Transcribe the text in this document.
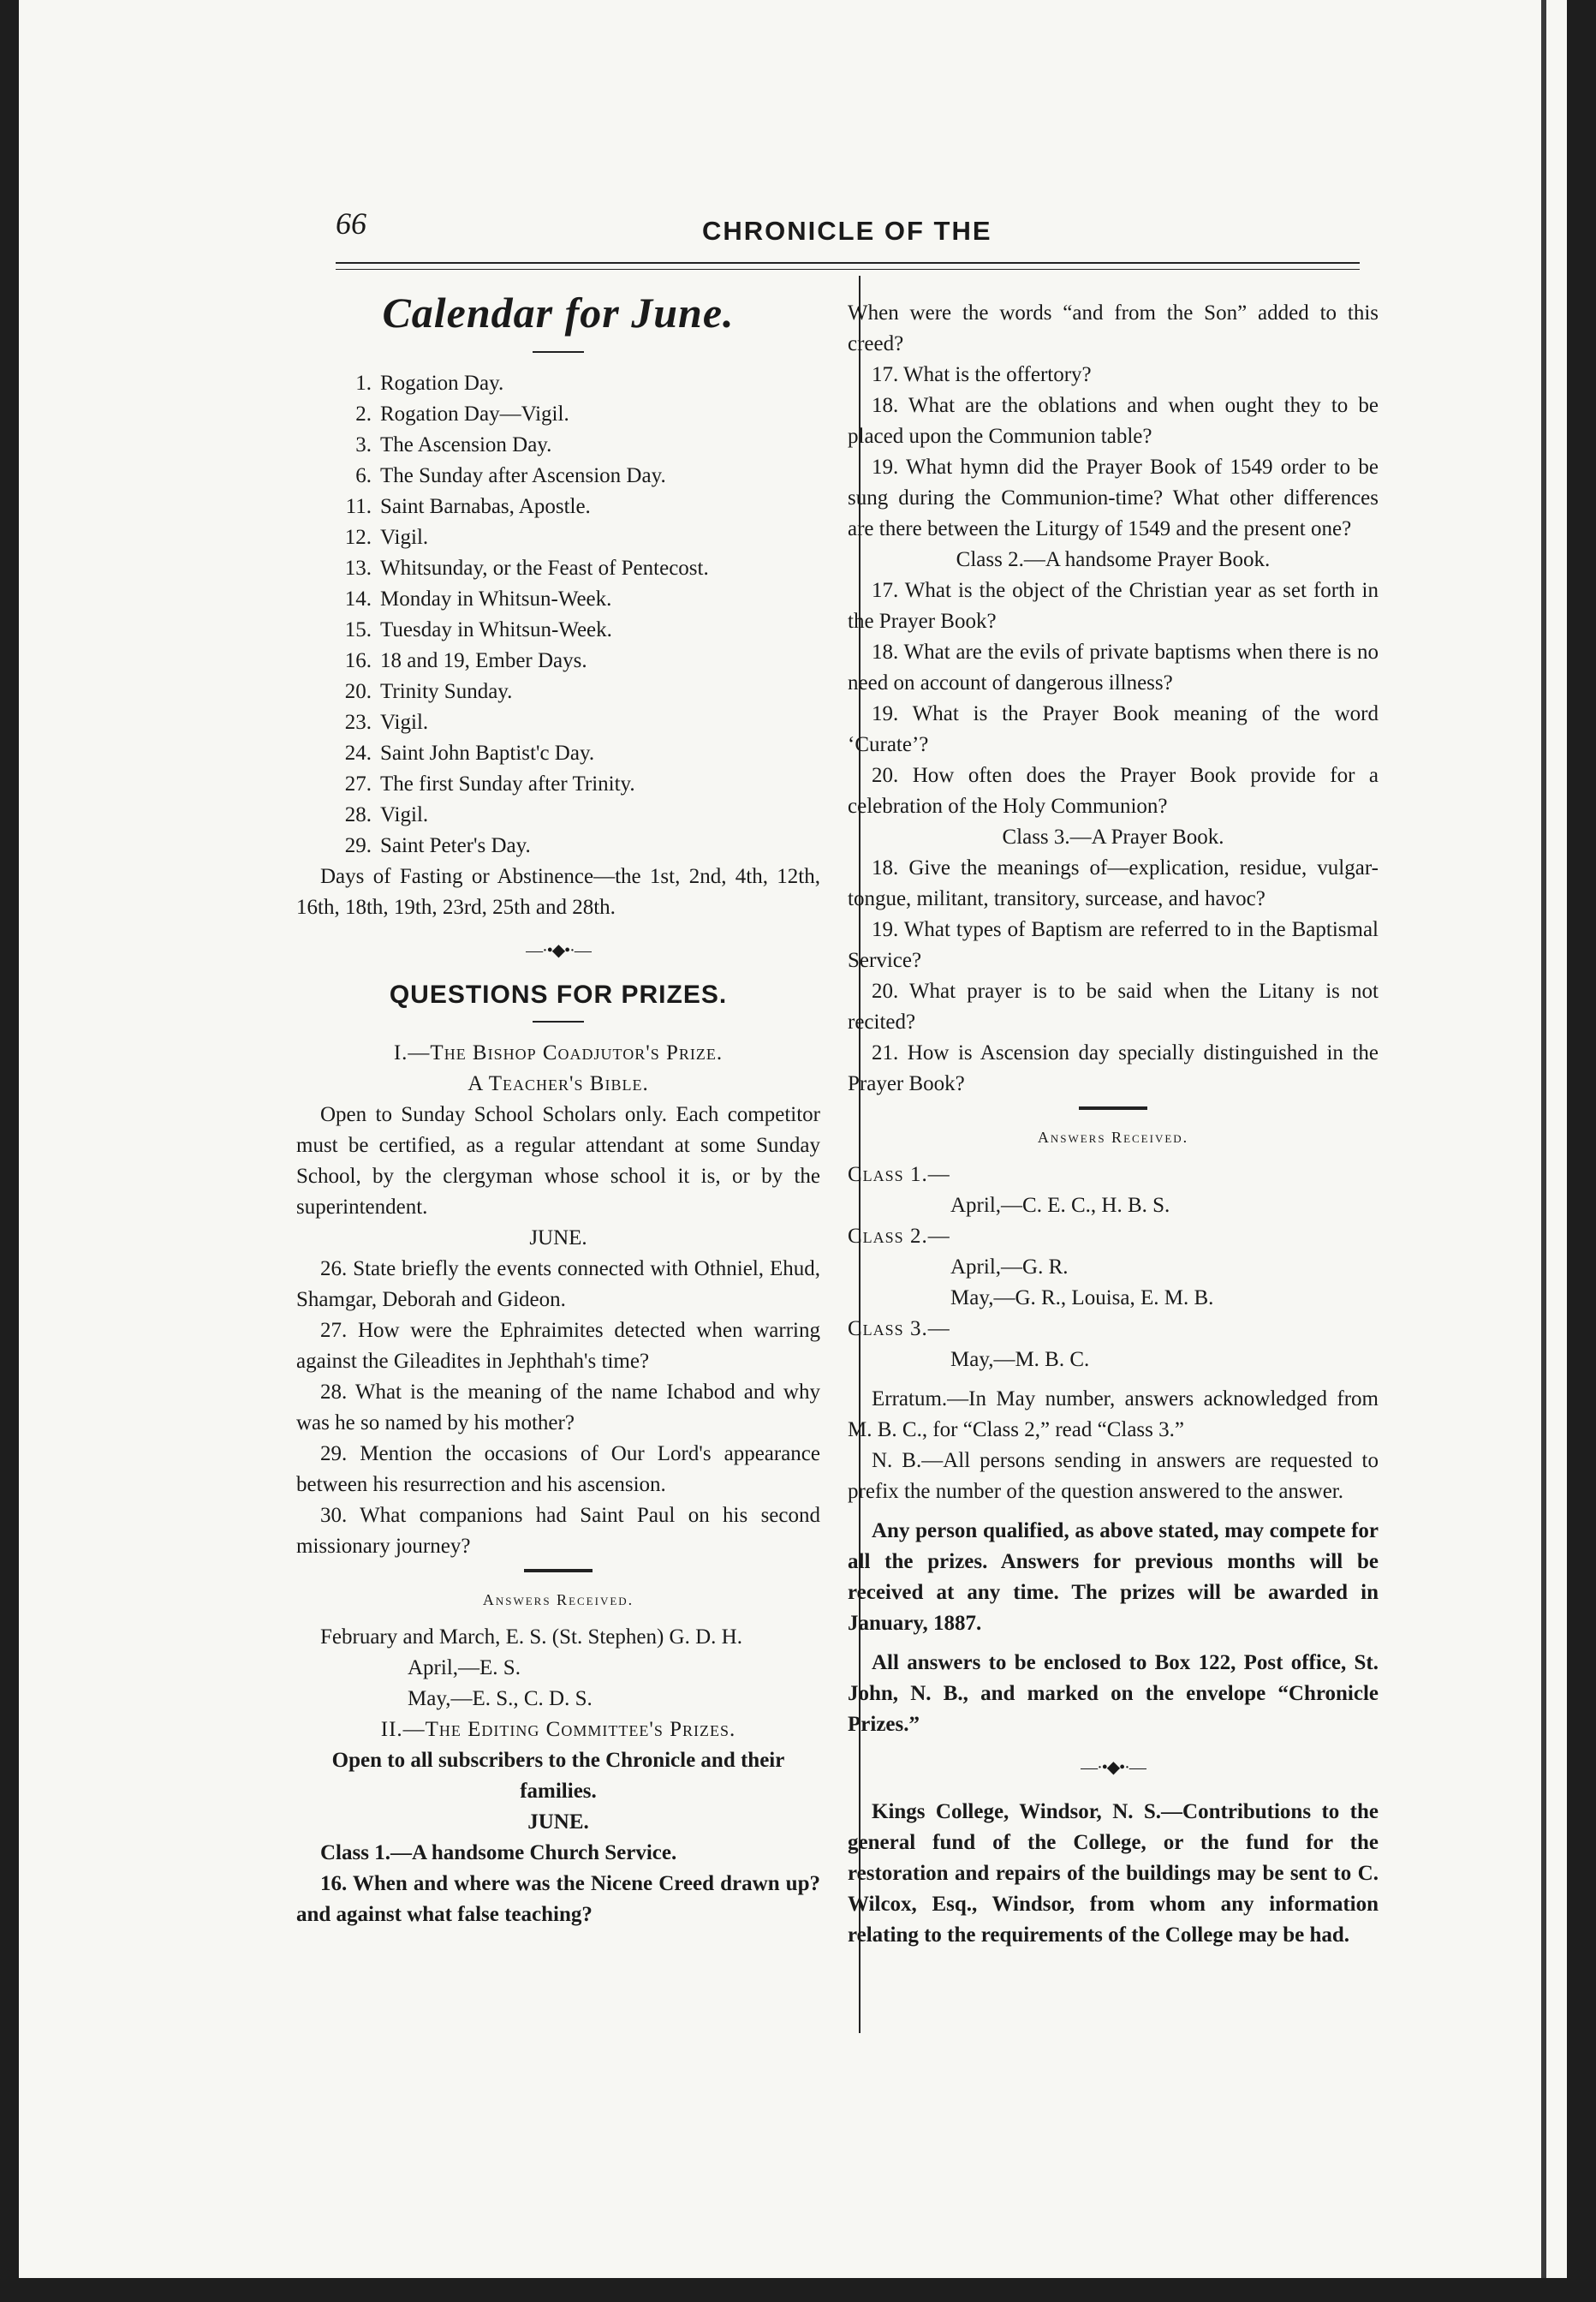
66	CHRONICLE OF THE
Calendar for June.
1. Rogation Day.
2. Rogation Day—Vigil.
3. The Ascension Day.
6. The Sunday after Ascension Day.
11. Saint Barnabas, Apostle.
12. Vigil.
13. Whitsunday, or the Feast of Pentecost.
14. Monday in Whitsun-Week.
15. Tuesday in Whitsun-Week.
16. 18 and 19, Ember Days.
20. Trinity Sunday.
23. Vigil.
24. Saint John Baptist'c Day.
27. The first Sunday after Trinity.
28. Vigil.
29. Saint Peter's Day.

Days of Fasting or Abstinence—the 1st, 2nd, 4th, 12th, 16th, 18th, 19th, 23rd, 25th and 28th.

—·•◆•·—
QUESTIONS FOR PRIZES.

I.—The Bishop Coadjutor's Prize.

A Teacher's Bible.

Open to Sunday School Scholars only. Each competitor must be certified, as a regular attendant at some Sunday School, by the clergyman whose school it is, or by the superintendent.

JUNE.

26. State briefly the events connected with Othniel, Ehud, Shamgar, Deborah and Gideon.

27. How were the Ephraimites detected when warring against the Gileadites in Jephthah's time?

28. What is the meaning of the name Ichabod and why was he so named by his mother?

29. Mention the occasions of Our Lord's appearance between his resurrection and his ascension.

30. What companions had Saint Paul on his second missionary journey?

Answers Received.

February and March, E. S. (St. Stephen) G. D. H.

April,—E. S.

May,—E. S., C. D. S.

II.—The Editing Committee's Prizes.

Open to all subscribers to the Chronicle and their families.

JUNE.

Class 1.—A handsome Church Service.

16. When and where was the Nicene Creed drawn up? and against what false teaching?

When were the words “and from the Son” added to this creed?

17. What is the offertory?

18. What are the oblations and when ought they to be placed upon the Communion table?

19. What hymn did the Prayer Book of 1549 order to be sung during the Communion-time? What other differences are there between the Liturgy of 1549 and the present one?

Class 2.—A handsome Prayer Book.

17. What is the object of the Christian year as set forth in the Prayer Book?

18. What are the evils of private baptisms when there is no need on account of dangerous illness?

19. What is the Prayer Book meaning of the word ‘Curate’?

20. How often does the Prayer Book provide for a celebration of the Holy Communion?

Class 3.—A Prayer Book.

18. Give the meanings of—explication, residue, vulgar-tongue, militant, transitory, surcease, and havoc?

19. What types of Baptism are referred to in the Baptismal Service?

20. What prayer is to be said when the Litany is not recited?

21. How is Ascension day specially distinguished in the Prayer Book?

Answers Received.

Class 1.—

April,—C. E. C., H. B. S.

Class 2.—

April,—G. R.

May,—G. R., Louisa, E. M. B.

Class 3.—

May,—M. B. C.

Erratum.—In May number, answers acknowledged from M. B. C., for “Class 2,” read “Class 3.”

N. B.—All persons sending in answers are requested to prefix the number of the question answered to the answer.

Any person qualified, as above stated, may compete for all the prizes. Answers for previous months will be received at any time. The prizes will be awarded in January, 1887.

All answers to be enclosed to Box 122, Post office, St. John, N. B., and marked on the envelope “Chronicle Prizes.”

—·•◆•·—

Kings College, Windsor, N. S.—Contributions to the general fund of the College, or the fund for the restoration and repairs of the buildings may be sent to C. Wilcox, Esq., Windsor, from whom any information relating to the requirements of the College may be had.
